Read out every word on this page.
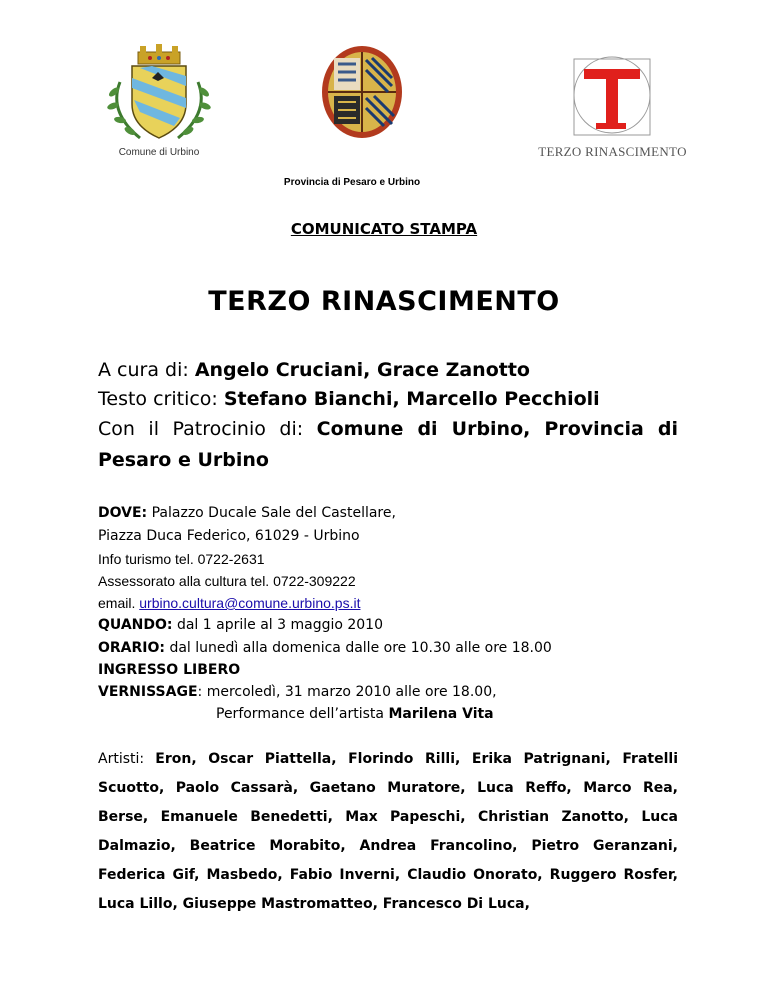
Comune di Urbino
Provincia di Pesaro e Urbino
TERZO RINASCIMENTO
COMUNICATO STAMPA
TERZO RINASCIMENTO
A cura di: Angelo Cruciani, Grace Zanotto
Testo critico: Stefano Bianchi, Marcello Pecchioli
Con il Patrocinio di: Comune di Urbino, Provincia di Pesaro e Urbino
DOVE: Palazzo Ducale Sale del Castellare,
Piazza Duca Federico, 61029 - Urbino
Info turismo tel. 0722-2631
Assessorato alla cultura tel. 0722-309222
email. urbino.cultura@comune.urbino.ps.it
QUANDO: dal 1 aprile al 3 maggio 2010
ORARIO: dal lunedì alla domenica dalle ore 10.30 alle ore 18.00
INGRESSO LIBERO
VERNISSAGE: mercoledì, 31 marzo 2010 alle ore 18.00,
Performance dell’artista Marilena Vita
Artisti: Eron, Oscar Piattella, Florindo Rilli, Erika Patrignani, Fratelli Scuotto, Paolo Cassarà, Gaetano Muratore, Luca Reffo, Marco Rea, Berse, Emanuele Benedetti, Max Papeschi, Christian Zanotto, Luca Dalmazio, Beatrice Morabito, Andrea Francolino, Pietro Geranzani, Federica Gif, Masbedo, Fabio Inverni, Claudio Onorato, Ruggero Rosfer, Luca Lillo, Giuseppe Mastromatteo, Francesco Di Luca,
